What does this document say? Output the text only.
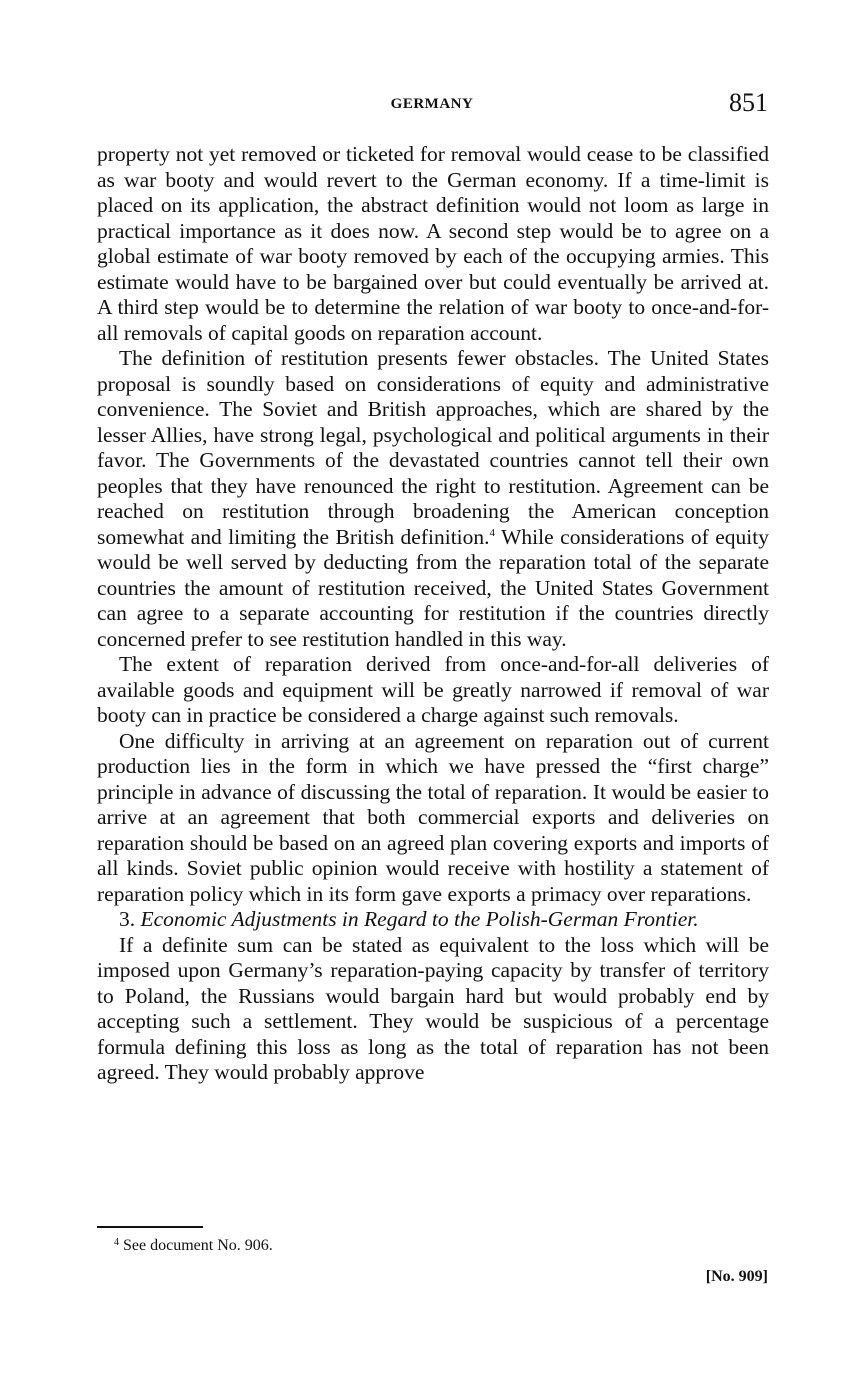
GERMANY	851

property not yet removed or ticketed for removal would cease to be classified as war booty and would revert to the German economy. If a time-limit is placed on its application, the abstract definition would not loom as large in practical importance as it does now. A second step would be to agree on a global estimate of war booty removed by each of the occupying armies. This estimate would have to be bargained over but could eventually be arrived at. A third step would be to determine the relation of war booty to once-and-for-all removals of capital goods on reparation account.

The definition of restitution presents fewer obstacles. The United States proposal is soundly based on considerations of equity and administrative convenience. The Soviet and British approaches, which are shared by the lesser Allies, have strong legal, psychological and political arguments in their favor. The Governments of the devastated countries cannot tell their own peoples that they have renounced the right to restitution. Agreement can be reached on restitution through broadening the American conception somewhat and limiting the British definition.$^4$ While considerations of equity would be well served by deducting from the reparation total of the separate countries the amount of restitution received, the United States Government can agree to a separate accounting for restitution if the countries directly concerned prefer to see restitution handled in this way.

The extent of reparation derived from once-and-for-all deliveries of available goods and equipment will be greatly narrowed if removal of war booty can in practice be considered a charge against such removals.

One difficulty in arriving at an agreement on reparation out of current production lies in the form in which we have pressed the “first charge” principle in advance of discussing the total of reparation. It would be easier to arrive at an agreement that both commercial exports and deliveries on reparation should be based on an agreed plan covering exports and imports of all kinds. Soviet public opinion would receive with hostility a statement of reparation policy which in its form gave exports a primacy over reparations.

3. Economic Adjustments in Regard to the Polish-German Frontier.

If a definite sum can be stated as equivalent to the loss which will be imposed upon Germany’s reparation-paying capacity by transfer of territory to Poland, the Russians would bargain hard but would probably end by accepting such a settlement. They would be suspicious of a percentage formula defining this loss as long as the total of reparation has not been agreed. They would probably approve

$^4$ See document No. 906.
[No. 909]
